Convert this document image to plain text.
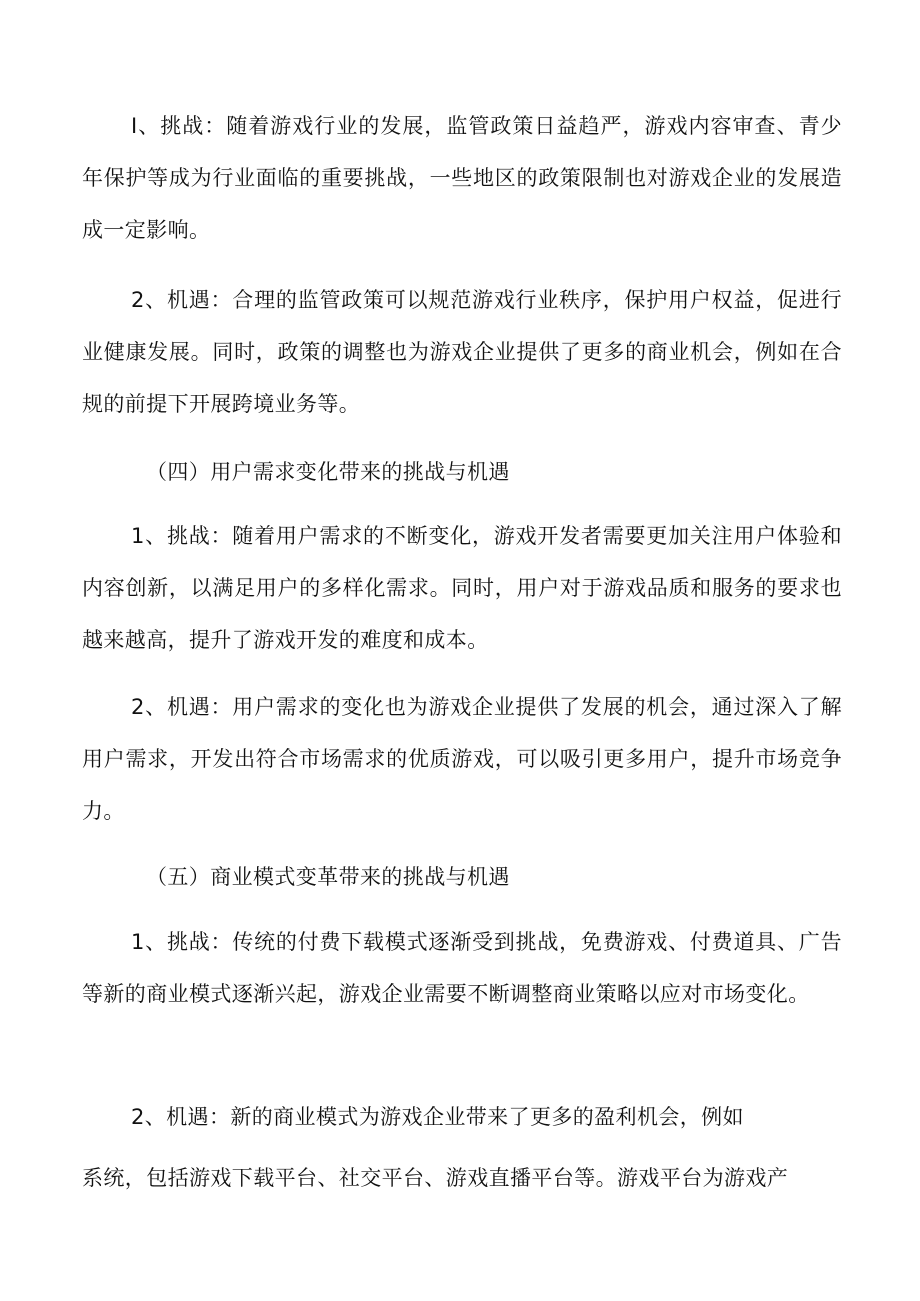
I、挑战：随着游戏行业的发展，监管政策日益趋严，游戏内容审查、青少年保护等成为行业面临的重要挑战，一些地区的政策限制也对游戏企业的发展造成一定影响。

2、机遇：合理的监管政策可以规范游戏行业秩序，保护用户权益，促进行业健康发展。同时，政策的调整也为游戏企业提供了更多的商业机会，例如在合规的前提下开展跨境业务等。

（四）用户需求变化带来的挑战与机遇

1、挑战：随着用户需求的不断变化，游戏开发者需要更加关注用户体验和内容创新，以满足用户的多样化需求。同时，用户对于游戏品质和服务的要求也越来越高，提升了游戏开发的难度和成本。

2、机遇：用户需求的变化也为游戏企业提供了发展的机会，通过深入了解用户需求，开发出符合市场需求的优质游戏，可以吸引更多用户，提升市场竞争力。

（五）商业模式变革带来的挑战与机遇

1、挑战：传统的付费下载模式逐渐受到挑战，免费游戏、付费道具、广告等新的商业模式逐渐兴起，游戏企业需要不断调整商业策略以应对市场变化。

2、机遇：新的商业模式为游戏企业带来了更多的盈利机会，例如

系统，包括游戏下载平台、社交平台、游戏直播平台等。游戏平台为游戏产
